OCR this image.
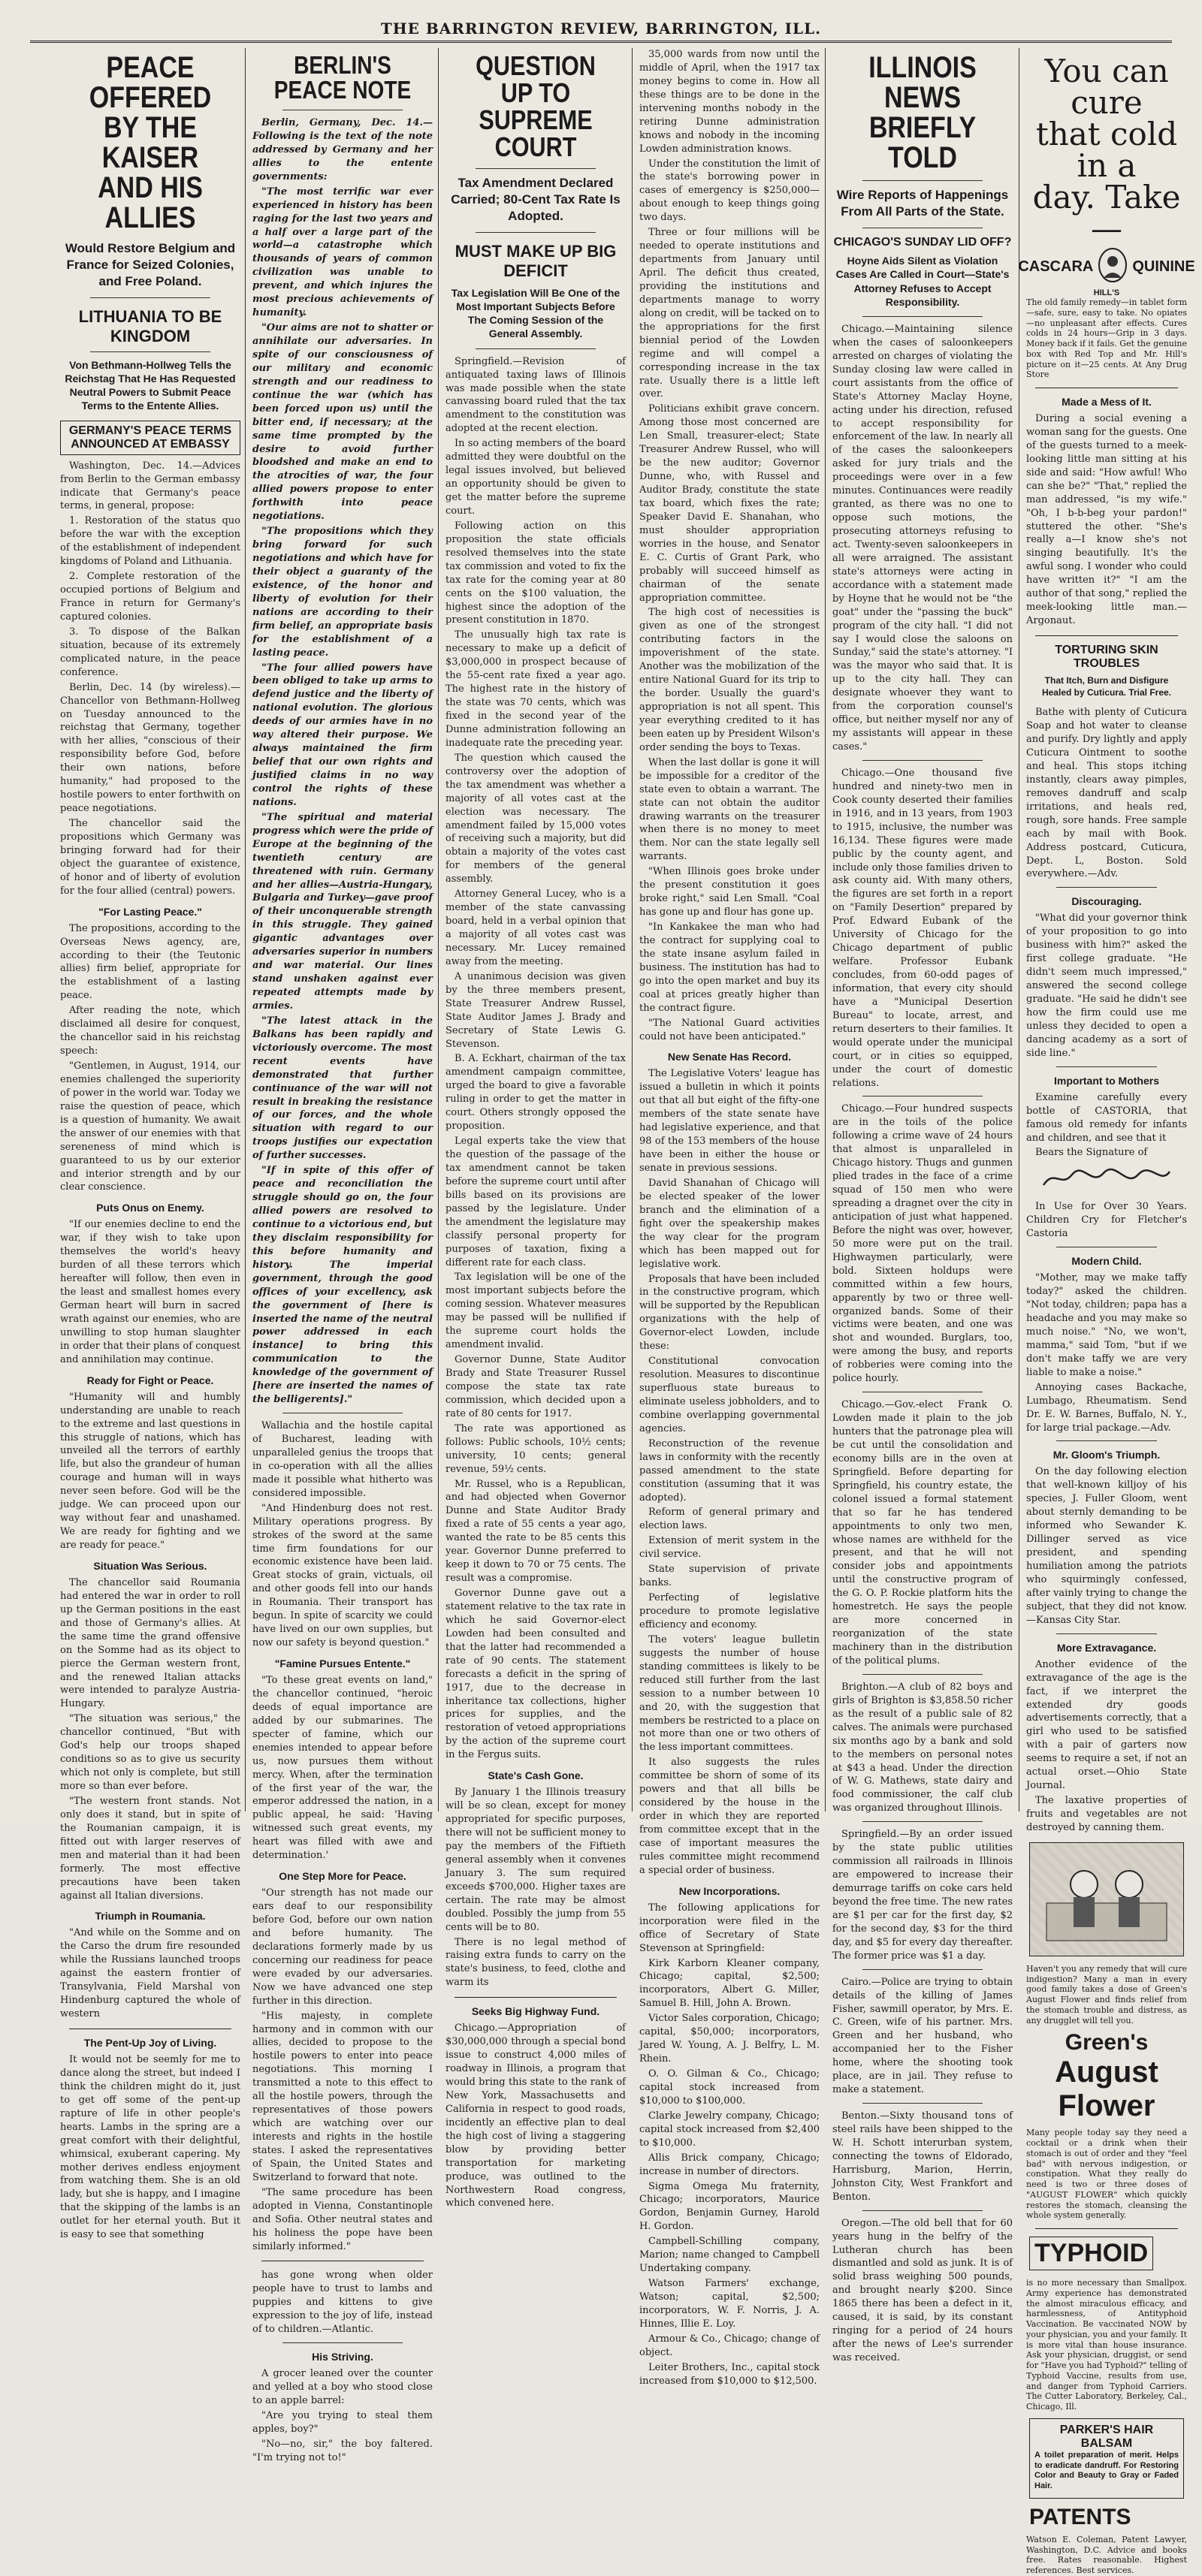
THE BARRINGTON REVIEW, BARRINGTON, ILL.
PEACE OFFERED
BY THE KAISER
AND HIS ALLIES
Would Restore Belgium and France for Seized Colonies, and Free Poland.
LITHUANIA TO BE KINGDOM
Von Bethmann-Hollweg Tells the Reichstag That He Has Requested Neutral Powers to Submit Peace Terms to the Entente Allies.
GERMANY'S PEACE TERMS ANNOUNCED AT EMBASSY

Washington, Dec. 14.—Advices from Berlin to the German embassy indicate that Germany's peace terms, in general, propose:

1. Restoration of the status quo before the war with the exception of the establishment of independent kingdoms of Poland and Lithuania.

2. Complete restoration of the occupied portions of Belgium and France in return for Germany's captured colonies.

3. To dispose of the Balkan situation, because of its extremely complicated nature, in the peace conference.

Berlin, Dec. 14 (by wireless).—Chancellor von Bethmann-Hollweg on Tuesday announced to the reichstag that Germany, together with her allies, "conscious of their responsibility before God, before their own nations, before humanity," had proposed to the hostile powers to enter forthwith on peace negotiations.

The chancellor said the propositions which Germany was bringing forward had for their object the guarantee of existence, of honor and of liberty of evolution for the four allied (central) powers.

"For Lasting Peace."

The propositions, according to the Overseas News agency, are, according to their (the Teutonic allies) firm belief, appropriate for the establishment of a lasting peace.

After reading the note, which disclaimed all desire for conquest, the chancellor said in his reichstag speech:

"Gentlemen, in August, 1914, our enemies challenged the superiority of power in the world war. Today we raise the question of peace, which is a question of humanity. We await the answer of our enemies with that sereneness of mind which is guaranteed to us by our exterior and interior strength and by our clear conscience.

Puts Onus on Enemy.

"If our enemies decline to end the war, if they wish to take upon themselves the world's heavy burden of all these terrors which hereafter will follow, then even in the least and smallest homes every German heart will burn in sacred wrath against our enemies, who are unwilling to stop human slaughter in order that their plans of conquest and annihilation may continue.

Ready for Fight or Peace.

"Humanity will and humbly understanding are unable to reach to the extreme and last questions in this struggle of nations, which has unveiled all the terrors of earthly life, but also the grandeur of human courage and human will in ways never seen before. God will be the judge. We can proceed upon our way without fear and unashamed. We are ready for fighting and we are ready for peace."

Situation Was Serious.

The chancellor said Roumania had entered the war in order to roll up the German positions in the east and those of Germany's allies. At the same time the grand offensive on the Somme had as its object to pierce the German western front, and the renewed Italian attacks were intended to paralyze Austria-Hungary.

"The situation was serious," the chancellor continued, "But with God's help our troops shaped conditions so as to give us security which not only is complete, but still more so than ever before.

"The western front stands. Not only does it stand, but in spite of the Roumanian campaign, it is fitted out with larger reserves of men and material than it had been formerly. The most effective precautions have been taken against all Italian diversions.

Triumph in Roumania.

"And while on the Somme and on the Carso the drum fire resounded while the Russians launched troops against the eastern frontier of Transylvania, Field Marshal von Hindenburg captured the whole of western

The Pent-Up Joy of Living.

It would not be seemly for me to dance along the street, but indeed I think the children might do it, just to get off some of the pent-up rapture of life in other people's hearts. Lambs in the spring are a great comfort with their delightful, whimsical, exuberant capering. My mother derives endless enjoyment from watching them. She is an old lady, but she is happy, and I imagine that the skipping of the lambs is an outlet for her eternal youth. But it is easy to see that something

BERLIN'S PEACE NOTE

Berlin, Germany, Dec. 14.—Following is the text of the note addressed by Germany and her allies to the entente governments:

"The most terrific war ever experienced in history has been raging for the last two years and a half over a large part of the world—a catastrophe which thousands of years of common civilization was unable to prevent, and which injures the most precious achievements of humanity.

"Our aims are not to shatter or annihilate our adversaries. In spite of our consciousness of our military and economic strength and our readiness to continue the war (which has been forced upon us) until the bitter end, if necessary; at the same time prompted by the desire to avoid further bloodshed and make an end to the atrocities of war, the four allied powers propose to enter forthwith into peace negotiations.

"The propositions which they bring forward for such negotiations and which have for their object a guaranty of the existence, of the honor and liberty of evolution for their nations are according to their firm belief, an appropriate basis for the establishment of a lasting peace.

"The four allied powers have been obliged to take up arms to defend justice and the liberty of national evolution. The glorious deeds of our armies have in no way altered their purpose. We always maintained the firm belief that our own rights and justified claims in no way control the rights of these nations.

"The spiritual and material progress which were the pride of Europe at the beginning of the twentieth century are threatened with ruin. Germany and her allies—Austria-Hungary, Bulgaria and Turkey—gave proof of their unconquerable strength in this struggle. They gained gigantic advantages over adversaries superior in numbers and war material. Our lines stand unshaken against ever repeated attempts made by armies.

"The latest attack in the Balkans has been rapidly and victoriously overcome. The most recent events have demonstrated that further continuance of the war will not result in breaking the resistance of our forces, and the whole situation with regard to our troops justifies our expectation of further successes.

"If in spite of this offer of peace and reconciliation the struggle should go on, the four allied powers are resolved to continue to a victorious end, but they disclaim responsibility for this before humanity and history. The imperial government, through the good offices of your excellency, ask the government of [here is inserted the name of the neutral power addressed in each instance] to bring this communication to the knowledge of the government of [here are inserted the names of the belligerents]."

Wallachia and the hostile capital of Bucharest, leading with unparalleled genius the troops that in co-operation with all the allies made it possible what hitherto was considered impossible.

"And Hindenburg does not rest. Military operations progress. By strokes of the sword at the same time firm foundations for our economic existence have been laid. Great stocks of grain, victuals, oil and other goods fell into our hands in Roumania. Their transport has begun. In spite of scarcity we could have lived on our own supplies, but now our safety is beyond question."

"Famine Pursues Entente."

"To these great events on land," the chancellor continued, "heroic deeds of equal importance are added by our submarines. The specter of famine, which our enemies intended to appear before us, now pursues them without mercy. When, after the termination of the first year of the war, the emperor addressed the nation, in a public appeal, he said: 'Having witnessed such great events, my heart was filled with awe and determination.'

One Step More for Peace.

"Our strength has not made our ears deaf to our responsibility before God, before our own nation and before humanity. The declarations formerly made by us concerning our readiness for peace were evaded by our adversaries. Now we have advanced one step further in this direction.

"His majesty, in complete harmony and in common with our allies, decided to propose to the hostile powers to enter into peace negotiations. This morning I transmitted a note to this effect to all the hostile powers, through the representatives of those powers which are watching over our interests and rights in the hostile states. I asked the representatives of Spain, the United States and Switzerland to forward that note.

"The same procedure has been adopted in Vienna, Constantinople and Sofia. Other neutral states and his holiness the pope have been similarly informed."

has gone wrong when older people have to trust to lambs and puppies and kittens to give expression to the joy of life, instead of to children.—Atlantic.

His Striving.

A grocer leaned over the counter and yelled at a boy who stood close to an apple barrel:

"Are you trying to steal them apples, boy?"

"No—no, sir," the boy faltered. "I'm trying not to!"

QUESTION UP TO
SUPREME COURT
Tax Amendment Declared Carried; 80-Cent Tax Rate Is Adopted.
MUST MAKE UP BIG DEFICIT
Tax Legislation Will Be One of the Most Important Subjects Before The Coming Session of the General Assembly.

Springfield.—Revision of antiquated taxing laws of Illinois was made possible when the state canvassing board ruled that the tax amendment to the constitution was adopted at the recent election.

In so acting members of the board admitted they were doubtful on the legal issues involved, but believed an opportunity should be given to get the matter before the supreme court.

Following action on this proposition the state officials resolved themselves into the state tax commission and voted to fix the tax rate for the coming year at 80 cents on the $100 valuation, the highest since the adoption of the present constitution in 1870.

The unusually high tax rate is necessary to make up a deficit of $3,000,000 in prospect because of the 55-cent rate fixed a year ago. The highest rate in the history of the state was 70 cents, which was fixed in the second year of the Dunne administration following an inadequate rate the preceding year.

The question which caused the controversy over the adoption of the tax amendment was whether a majority of all votes cast at the election was necessary. The amendment failed by 15,000 votes of receiving such a majority, but did obtain a majority of the votes cast for members of the general assembly.

Attorney General Lucey, who is a member of the state canvassing board, held in a verbal opinion that a majority of all votes cast was necessary. Mr. Lucey remained away from the meeting.

A unanimous decision was given by the three members present, State Treasurer Andrew Russel, State Auditor James J. Brady and Secretary of State Lewis G. Stevenson.

B. A. Eckhart, chairman of the tax amendment campaign committee, urged the board to give a favorable ruling in order to get the matter in court. Others strongly opposed the proposition.

Legal experts take the view that the question of the passage of the tax amendment cannot be taken before the supreme court until after bills based on its provisions are passed by the legislature. Under the amendment the legislature may classify personal property for purposes of taxation, fixing a different rate for each class.

Tax legislation will be one of the most important subjects before the coming session. Whatever measures may be passed will be nullified if the supreme court holds the amendment invalid.

Governor Dunne, State Auditor Brady and State Treasurer Russel compose the state tax rate commission, which decided upon a rate of 80 cents for 1917.

The rate was apportioned as follows: Public schools, 10½ cents; university, 10 cents; general revenue, 59½ cents.

Mr. Russel, who is a Republican, and had objected when Governor Dunne and State Auditor Brady fixed a rate of 55 cents a year ago, wanted the rate to be 85 cents this year. Governor Dunne preferred to keep it down to 70 or 75 cents. The result was a compromise.

Governor Dunne gave out a statement relative to the tax rate in which he said Governor-elect Lowden had been consulted and that the latter had recommended a rate of 90 cents. The statement forecasts a deficit in the spring of 1917, due to the decrease in inheritance tax collections, higher prices for supplies, and the restoration of vetoed appropriations by the action of the supreme court in the Fergus suits.

State's Cash Gone.

By January 1 the Illinois treasury will be so clean, except for money appropriated for specific purposes, there will not be sufficient money to pay the members of the Fiftieth general assembly when it convenes January 3. The sum required exceeds $700,000. Higher taxes are certain. The rate may be almost doubled. Possibly the jump from 55 cents will be to 80.

There is no legal method of raising extra funds to carry on the state's business, to feed, clothe and warm its

Seeks Big Highway Fund.

Chicago.—Appropriation of $30,000,000 through a special bond issue to construct 4,000 miles of roadway in Illinois, a program that would bring this state to the rank of New York, Massachusetts and California in respect to good roads, incidently an effective plan to deal the high cost of living a staggering blow by providing better transportation for marketing produce, was outlined to the Northwestern Road congress, which convened here.

35,000 wards from now until the middle of April, when the 1917 tax money begins to come in. How all these things are to be done in the intervening months nobody in the retiring Dunne administration knows and nobody in the incoming Lowden administration knows.

Under the constitution the limit of the state's borrowing power in cases of emergency is $250,000—about enough to keep things going two days.

Three or four millions will be needed to operate institutions and departments from January until April. The deficit thus created, providing the institutions and departments manage to worry along on credit, will be tacked on to the appropriations for the first biennial period of the Lowden regime and will compel a corresponding increase in the tax rate. Usually there is a little left over.

Politicians exhibit grave concern. Among those most concerned are Len Small, treasurer-elect; State Treasurer Andrew Russel, who will be the new auditor; Governor Dunne, who, with Russel and Auditor Brady, constitute the state tax board, which fixes the rate; Speaker David E. Shanahan, who must shoulder appropriation worries in the house, and Senator E. C. Curtis of Grant Park, who probably will succeed himself as chairman of the senate appropriation committee.

The high cost of necessities is given as one of the strongest contributing factors in the impoverishment of the state. Another was the mobilization of the entire National Guard for its trip to the border. Usually the guard's appropriation is not all spent. This year everything credited to it has been eaten up by President Wilson's order sending the boys to Texas.

When the last dollar is gone it will be impossible for a creditor of the state even to obtain a warrant. The state can not obtain the auditor drawing warrants on the treasurer when there is no money to meet them. Nor can the state legally sell warrants.

"When Illinois goes broke under the present constitution it goes broke right," said Len Small. "Coal has gone up and flour has gone up.

"In Kankakee the man who had the contract for supplying coal to the state insane asylum failed in business. The institution has had to go into the open market and buy its coal at prices greatly higher than the contract figure.

"The National Guard activities could not have been anticipated."

New Senate Has Record.

The Legislative Voters' league has issued a bulletin in which it points out that all but eight of the fifty-one members of the state senate have had legislative experience, and that 98 of the 153 members of the house have been in either the house or senate in previous sessions.

David Shanahan of Chicago will be elected speaker of the lower branch and the elimination of a fight over the speakership makes the way clear for the program which has been mapped out for legislative work.

Proposals that have been included in the constructive program, which will be supported by the Republican organizations with the help of Governor-elect Lowden, include these:

Constitutional convocation resolution. Measures to discontinue superfluous state bureaus to eliminate useless jobholders, and to combine overlapping governmental agencies.

Reconstruction of the revenue laws in conformity with the recently passed amendment to the state constitution (assuming that it was adopted).

Reform of general primary and election laws.

Extension of merit system in the civil service.

State supervision of private banks.

Perfecting of legislative procedure to promote legislative efficiency and economy.

The voters' league bulletin suggests the number of house standing committees is likely to be reduced still further from the last session to a number between 10 and 20, with the suggestion that members be restricted to a place on not more than one or two others of the less important committees.

It also suggests the rules committee be shorn of some of its powers and that all bills be considered by the house in the order in which they are reported from committee except that in the case of important measures the rules committee might recommend a special order of business.

New Incorporations.

The following applications for incorporation were filed in the office of Secretary of State Stevenson at Springfield:

Kirk Karborn Kleaner company, Chicago; capital, $2,500; incorporators, Albert G. Miller, Samuel B. Hill, John A. Brown.

Victor Sales corporation, Chicago; capital, $50,000; incorporators, Jared W. Young, A. J. Belfry, L. M. Rhein.

O. O. Gilman & Co., Chicago; capital stock increased from $10,000 to $100,000.

Clarke Jewelry company, Chicago; capital stock increased from $2,400 to $10,000.

Allis Brick company, Chicago; increase in number of directors.

Sigma Omega Mu fraternity, Chicago; incorporators, Maurice Gordon, Benjamin Gurney, Harold H. Gordon.

Campbell-Schilling company, Marion; name changed to Campbell Undertaking company.

Watson Farmers' exchange, Watson; capital, $2,500; incorporators, W. F. Norris, J. A. Hinnes, Illie E. Loy.

Armour & Co., Chicago; change of object.

Leiter Brothers, Inc., capital stock increased from $10,000 to $12,500.

ILLINOIS NEWS
BRIEFLY TOLD
Wire Reports of Happenings From All Parts of the State.
CHICAGO'S SUNDAY LID OFF?
Hoyne Aids Silent as Violation Cases Are Called in Court—State's Attorney Refuses to Accept Responsibility.

Chicago.—Maintaining silence when the cases of saloonkeepers arrested on charges of violating the Sunday closing law were called in court assistants from the office of State's Attorney Maclay Hoyne, acting under his direction, refused to accept responsibility for enforcement of the law. In nearly all of the cases the saloonkeepers asked for jury trials and the proceedings were over in a few minutes. Continuances were readily granted, as there was no one to oppose such motions, the prosecuting attorneys refusing to act. Twenty-seven saloonkeepers in all were arraigned. The assistant state's attorneys were acting in accordance with a statement made by Hoyne that he would not be "the goat" under the "passing the buck" program of the city hall. "I did not say I would close the saloons on Sunday," said the state's attorney. "I was the mayor who said that. It is up to the city hall. They can designate whoever they want to from the corporation counsel's office, but neither myself nor any of my assistants will appear in these cases."

Chicago.—One thousand five hundred and ninety-two men in Cook county deserted their families in 1916, and in 13 years, from 1903 to 1915, inclusive, the number was 16,134. These figures were made public by the county agent, and include only those families driven to ask county aid. With many others, the figures are set forth in a report on "Family Desertion" prepared by Prof. Edward Eubank of the University of Chicago for the Chicago department of public welfare. Professor Eubank concludes, from 60-odd pages of information, that every city should have a "Municipal Desertion Bureau" to locate, arrest, and return deserters to their families. It would operate under the municipal court, or in cities so equipped, under the court of domestic relations.

Chicago.—Four hundred suspects are in the toils of the police following a crime wave of 24 hours that almost is unparalleled in Chicago history. Thugs and gunmen plied trades in the face of a crime squad of 150 men who were spreading a dragnet over the city in anticipation of just what happened. Before the night was over, however, 50 more were put on the trail. Highwaymen particularly, were bold. Sixteen holdups were committed within a few hours, apparently by two or three well-organized bands. Some of their victims were beaten, and one was shot and wounded. Burglars, too, were among the busy, and reports of robberies were coming into the police hourly.

Chicago.—Gov.-elect Frank O. Lowden made it plain to the job hunters that the patronage plea will be cut until the consolidation and economy bills are in the oven at Springfield. Before departing for Springfield, his country estate, the colonel issued a formal statement that so far he has tendered appointments to only two men, whose names are withheld for the present, and that he will not consider jobs and appointments until the constructive program of the G. O. P. Rockie platform hits the homestretch. He says the people are more concerned in reorganization of the state machinery than in the distribution of the political plums.

Brighton.—A club of 82 boys and girls of Brighton is $3,858.50 richer as the result of a public sale of 82 calves. The animals were purchased six months ago by a bank and sold to the members on personal notes at $43 a head. Under the direction of W. G. Mathews, state dairy and food commissioner, the calf club was organized throughout Illinois.

Springfield.—By an order issued by the state public utilities commission all railroads in Illinois are empowered to increase their demurrage tariffs on coke cars held beyond the free time. The new rates are $1 per car for the first day, $2 for the second day, $3 for the third day, and $5 for every day thereafter. The former price was $1 a day.

Cairo.—Police are trying to obtain details of the killing of James Fisher, sawmill operator, by Mrs. E. C. Green, wife of his partner. Mrs. Green and her husband, who accompanied her to the Fisher home, where the shooting took place, are in jail. They refuse to make a statement.

Benton.—Sixty thousand tons of steel rails have been shipped to the W. H. Schott interurban system, connecting the towns of Eldorado, Harrisburg, Marion, Herrin, Johnston City, West Frankfort and Benton.

Oregon.—The old bell that for 60 years hung in the belfry of the Lutheran church has been dismantled and sold as junk. It is of solid brass weighing 500 pounds, and brought nearly $200. Since 1865 there has been a defect in it, caused, it is said, by its constant ringing for a period of 24 hours after the news of Lee's surrender was received.

You can cure
that cold in a
day. Take—
CASCARA	QUININE
HILL'S

The old family remedy—in tablet form—safe, sure, easy to take. No opiates—no unpleasant after effects. Cures colds in 24 hours—Grip in 3 days. Money back if it fails. Get the genuine box with Red Top and Mr. Hill's picture on it—25 cents. At Any Drug Store

Made a Mess of It.

During a social evening a woman sang for the guests. One of the guests turned to a meek-looking little man sitting at his side and said: "How awful! Who can she be?" "That," replied the man addressed, "is my wife." "Oh, I b-b-beg your pardon!" stuttered the other. "She's really a—I know she's not singing beautifully. It's the awful song. I wonder who could have written it?" "I am the author of that song," replied the meek-looking little man.—Argonaut.

TORTURING SKIN TROUBLES
That Itch, Burn and Disfigure Healed by Cuticura. Trial Free.

Bathe with plenty of Cuticura Soap and hot water to cleanse and purify. Dry lightly and apply Cuticura Ointment to soothe and heal. This stops itching instantly, clears away pimples, removes dandruff and scalp irritations, and heals red, rough, sore hands. Free sample each by mail with Book. Address postcard, Cuticura, Dept. L, Boston. Sold everywhere.—Adv.

Discouraging.

"What did your governor think of your proposition to go into business with him?" asked the first college graduate. "He didn't seem much impressed," answered the second college graduate. "He said he didn't see how the firm could use me unless they decided to open a dancing academy as a sort of side line."

Important to Mothers

Examine carefully every bottle of CASTORIA, that famous old remedy for infants and children, and see that it

Bears the Signature of

In Use for Over 30 Years. Children Cry for Fletcher's Castoria

Modern Child.

"Mother, may we make taffy today?" asked the children. "Not today, children; papa has a headache and you may make so much noise." "No, we won't, mamma," said Tom, "but if we don't make taffy we are very liable to make a noise."

Annoying cases Backache, Lumbago, Rheumatism. Send Dr. E. W. Barnes, Buffalo, N. Y., for large trial package.—Adv.

Mr. Gloom's Triumph.

On the day following election that well-known killjoy of his species, J. Fuller Gloom, went about sternly demanding to be informed who Sewander K. Dillinger served as vice president, and spending humiliation among the patriots who squirmingly confessed, after vainly trying to change the subject, that they did not know.—Kansas City Star.

More Extravagance.

Another evidence of the extravagance of the age is the fact, if we interpret the extended dry goods advertisements correctly, that a girl who used to be satisfied with a pair of garters now seems to require a set, if not an actual orset.—Ohio State Journal.

The laxative properties of fruits and vegetables are not destroyed by canning them.

Haven't you any remedy that will cure indigestion? Many a man in every good family takes a dose of Green's August Flower and finds relief from the stomach trouble and distress, as any drugglet will tell you.

Green's
August Flower

Many people today say they need a cocktail or a drink when their stomach is out of order and they "feel bad" with nervous indigestion, or constipation. What they really do need is two or three doses of "AUGUST FLOWER" which quickly restores the stomach, cleansing the whole system generally.

TYPHOID

is no more necessary than Smallpox. Army experience has demonstrated the almost miraculous efficacy, and harmlessness, of Antityphoid Vaccination. Be vaccinated NOW by your physician, you and your family. It is more vital than house insurance. Ask your physician, druggist, or send for "Have you had Typhoid?" telling of Typhoid Vaccine, results from use, and danger from Typhoid Carriers. The Cutter Laboratory, Berkeley, Cal., Chicago, Ill.

PARKER'S HAIR BALSAM

A toilet preparation of merit. Helps to eradicate dandruff. For Restoring Color and Beauty to Gray or Faded Hair.

PATENTS

Watson E. Coleman, Patent Lawyer, Washington, D.C. Advice and books free. Rates reasonable. Highest references. Best services.
